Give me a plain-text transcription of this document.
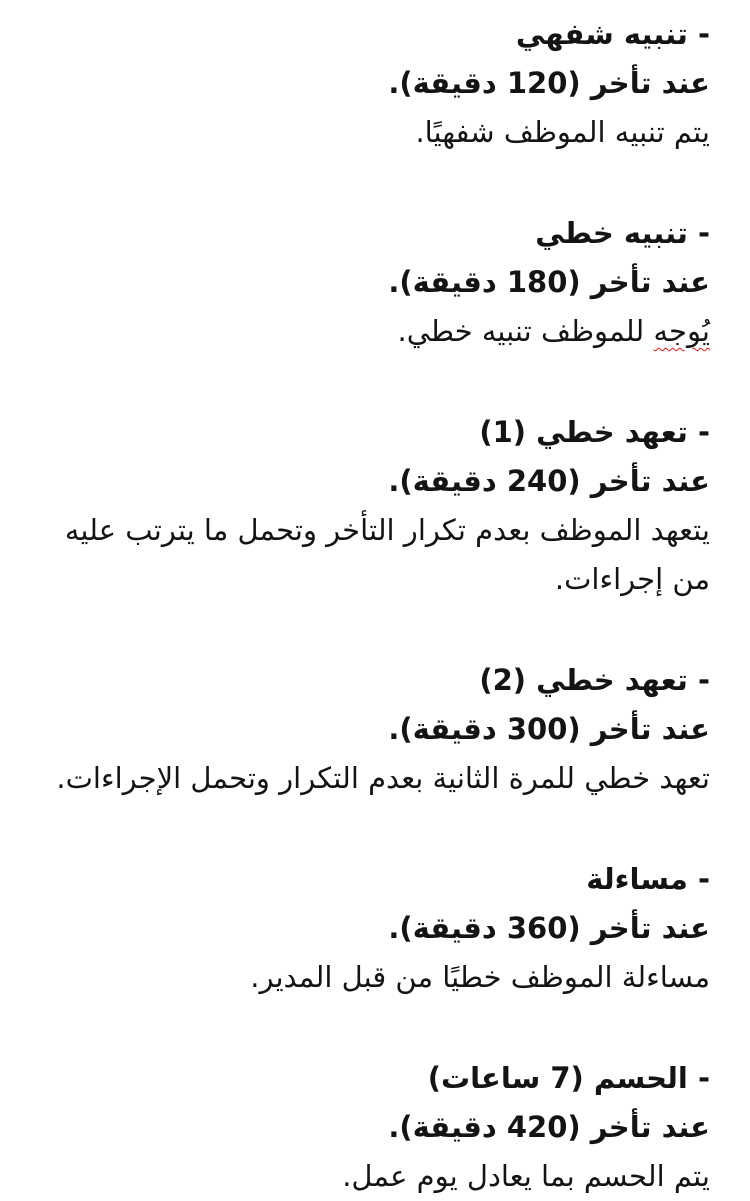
- تنبيه شفهي
عند تأخر (120 دقيقة).
يتم تنبيه الموظف شفهيًا.
- تنبيه خطي
عند تأخر (180 دقيقة).
يُوجه للموظف تنبيه خطي.
- تعهد خطي (1)
عند تأخر (240 دقيقة).
يتعهد الموظف بعدم تكرار التأخر وتحمل ما يترتب عليه من إجراءات.
- تعهد خطي (2)
عند تأخر (300 دقيقة).
تعهد خطي للمرة الثانية بعدم التكرار وتحمل الإجراءات.
- مساءلة
عند تأخر (360 دقيقة).
مساءلة الموظف خطيًا من قبل المدير.
- الحسم (7 ساعات)
عند تأخر (420 دقيقة).
يتم الحسم بما يعادل يوم عمل.
